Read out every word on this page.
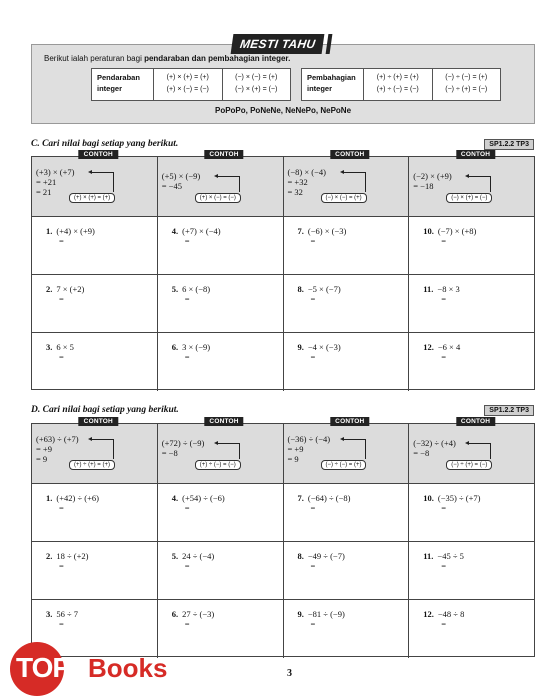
Berikut ialah peraturan bagi pendaraban dan pembahagian integer.
Pendaraban
integer
(+) × (+) = (+)
(+) × (−) = (−)
(−) × (−) = (+)
(−) × (+) = (−)
Pembahagian
integer
(+) ÷ (+) = (+)
(+) ÷ (−) = (−)
(−) ÷ (−) = (+)
(−) ÷ (+) = (−)
PoPoPo, PoNeNe, NeNePo, NePoNe
MESTI TAHU
C. Cari nilai bagi setiap yang berikut.	SP1.2.2 TP3
CONTOH
(+3) × (+7)
= +21
= 21
(+) × (+) = (+)
CONTOH
(+5) × (−9)
= −45
(+) × (−) = (−)
CONTOH
(−8) × (−4)
= +32
= 32
(−) × (−) = (+)
CONTOH
(−2) × (+9)
= −18
(−) × (+) = (−)
1. (+4) × (+9)
=
4. (+7) × (−4)
=
7. (−6) × (−3)
=
10. (−7) × (+8)
=
2. 7 × (+2)
=
5. 6 × (−8)
=
8. −5 × (−7)
=
11. −8 × 3
=
3. 6 × 5
=
6. 3 × (−9)
=
9. −4 × (−3)
=
12. −6 × 4
=
D. Cari nilai bagi setiap yang berikut.	SP1.2.2 TP3
CONTOH
(+63) ÷ (+7)
= +9
= 9
(+) ÷ (+) = (+)
CONTOH
(+72) ÷ (−9)
= −8
(+) ÷ (−) = (−)
CONTOH
(−36) ÷ (−4)
= +9
= 9
(−) ÷ (−) = (+)
CONTOH
(−32) ÷ (+4)
= −8
(−) ÷ (+) = (−)
1. (+42) ÷ (+6)
=
4. (+54) ÷ (−6)
=
7. (−64) ÷ (−8)
=
10. (−35) ÷ (+7)
=
2. 18 ÷ (+2)
=
5. 24 ÷ (−4)
=
8. −49 ÷ (−7)
=
11. −45 ÷ 5
=
3. 56 ÷ 7
=
6. 27 ÷ (−3)
=
9. −81 ÷ (−9)
=
12. −48 ÷ 8
=
3
TOP Books
